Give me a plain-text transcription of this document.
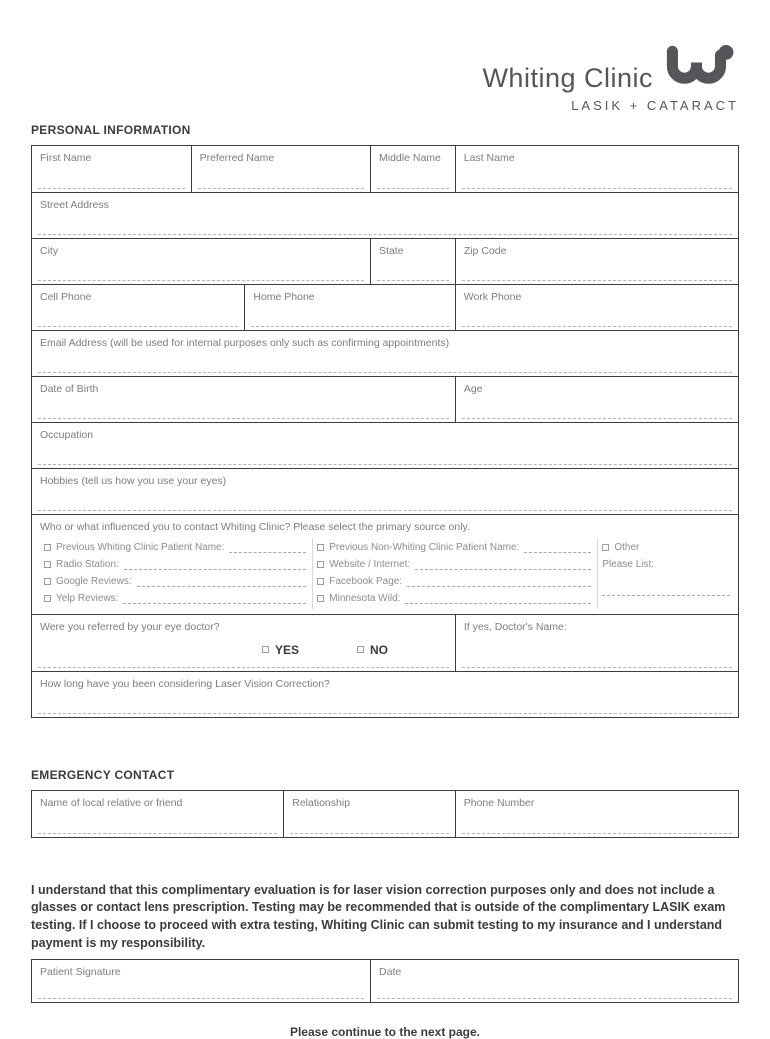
Whiting Clinic
LASIK + CATARACT
PERSONAL INFORMATION
First Name	Preferred Name	Middle Name	Last Name
Street Address
City	State	Zip Code
Cell Phone	Home Phone	Work Phone
Email Address (will be used for internal purposes only such as confirming appointments)
Date of Birth	Age
Occupation
Hobbies (tell us how you use your eyes)
Who or what influenced you to contact Whiting Clinic? Please select the primary source only.
Previous Whiting Clinic Patient Name:
Radio Station:
Google Reviews:
Yelp Reviews:
Previous Non-Whiting Clinic Patient Name:
Website / Internet:
Facebook Page:
Minnesota Wild:
Other
Please List:
Were you referred by your eye doctor?
YES	NO
If yes, Doctor's Name:
How long have you been considering Laser Vision Correction?
EMERGENCY CONTACT
Name of local relative or friend	Relationship	Phone Number
I understand that this complimentary evaluation is for laser vision correction purposes only and does not include a glasses or contact lens prescription. Testing may be recommended that is outside of the complimentary LASIK exam testing. If I choose to proceed with extra testing, Whiting Clinic can submit testing to my insurance and I understand payment is my responsibility.
Patient Signature	Date
Please continue to the next page.
